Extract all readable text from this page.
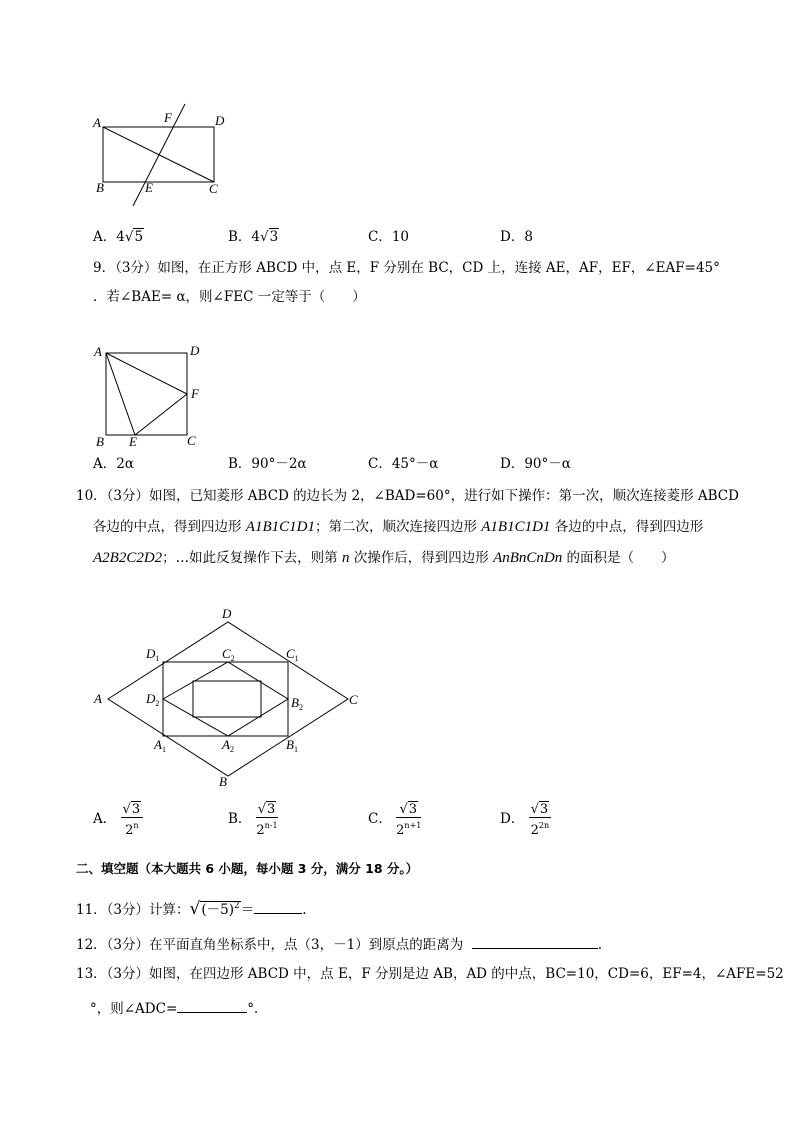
A	F	D
B	E	C
A．4√5	B．4√3	C．10	D．8
9．（3分）如图，在正方形 ABCD 中，点 E，F 分别在 BC，CD 上，连接 AE，AF，EF，∠EAF=45°
．若∠BAE= α，则∠FEC 一定等于（　　）
A	D
F
B E	C
A．2α	B．90°－2α	C．45°－α	D．90°－α
10．（3分）如图，已知菱形 ABCD 的边长为 2，∠BAD=60°，进行如下操作：第一次，顺次连接菱形 ABCD
各边的中点，得到四边形 A1B1C1D1；第二次，顺次连接四边形 A1B1C1D1 各边的中点，得到四边形
A2B2C2D2；…如此反复操作下去，则第 n 次操作后，得到四边形 AnBnCnDn 的面积是（　　）
D
A	C
B
$D_1$	$C_2$	$C_1$
$D_2$	$B_2$
$A_1$	$A_2$	$B_1$
A． $\frac{√3}{2^n}$	B． $\frac{√3}{2^{n-1}}$	C． $\frac{√3}{2^{n+1}}$	D． $\frac{√3}{2^{2n}}$
二、填空题（本大题共 6 小题，每小题 3 分，满分 18 分。）
11．（3分）计算：$√(-5)^2=$	.
12．（3分）在平面直角坐标系中，点（3，－1）到原点的距离为	.
13．（3分）如图，在四边形 ABCD 中，点 E，F 分别是边 AB，AD 的中点，BC=10，CD=6，EF=4，∠AFE=52
°，则∠ADC=	°．
